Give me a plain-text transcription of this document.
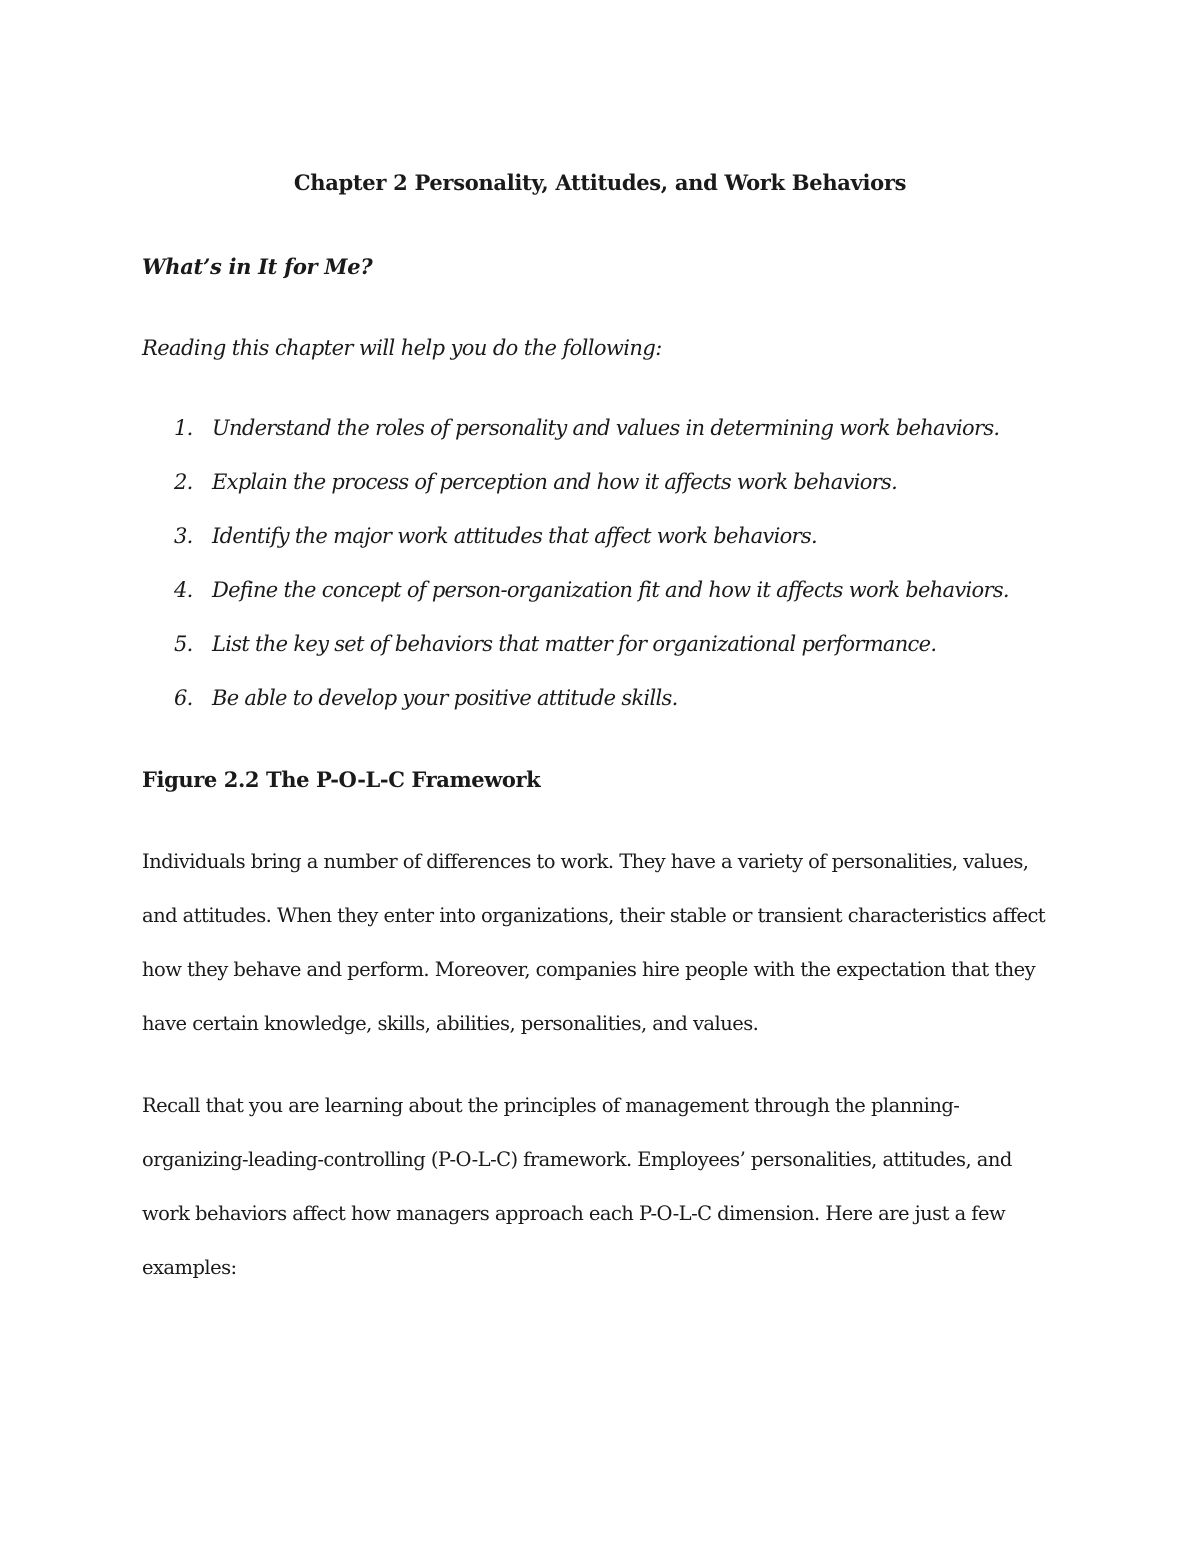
Chapter 2 Personality, Attitudes, and Work Behaviors
What’s in It for Me?
Reading this chapter will help you do the following:
1. Understand the roles of personality and values in determining work behaviors.
2. Explain the process of perception and how it affects work behaviors.
3. Identify the major work attitudes that affect work behaviors.
4. Define the concept of person-organization fit and how it affects work behaviors.
5. List the key set of behaviors that matter for organizational performance.
6. Be able to develop your positive attitude skills.
Figure 2.2 The P-O-L-C Framework

Individuals bring a number of differences to work. They have a variety of personalities, values,
and attitudes. When they enter into organizations, their stable or transient characteristics affect
how they behave and perform. Moreover, companies hire people with the expectation that they
have certain knowledge, skills, abilities, personalities, and values.

Recall that you are learning about the principles of management through the planning-
organizing-leading-controlling (P-O-L-C) framework. Employees’ personalities, attitudes, and
work behaviors affect how managers approach each P-O-L-C dimension. Here are just a few
examples:
